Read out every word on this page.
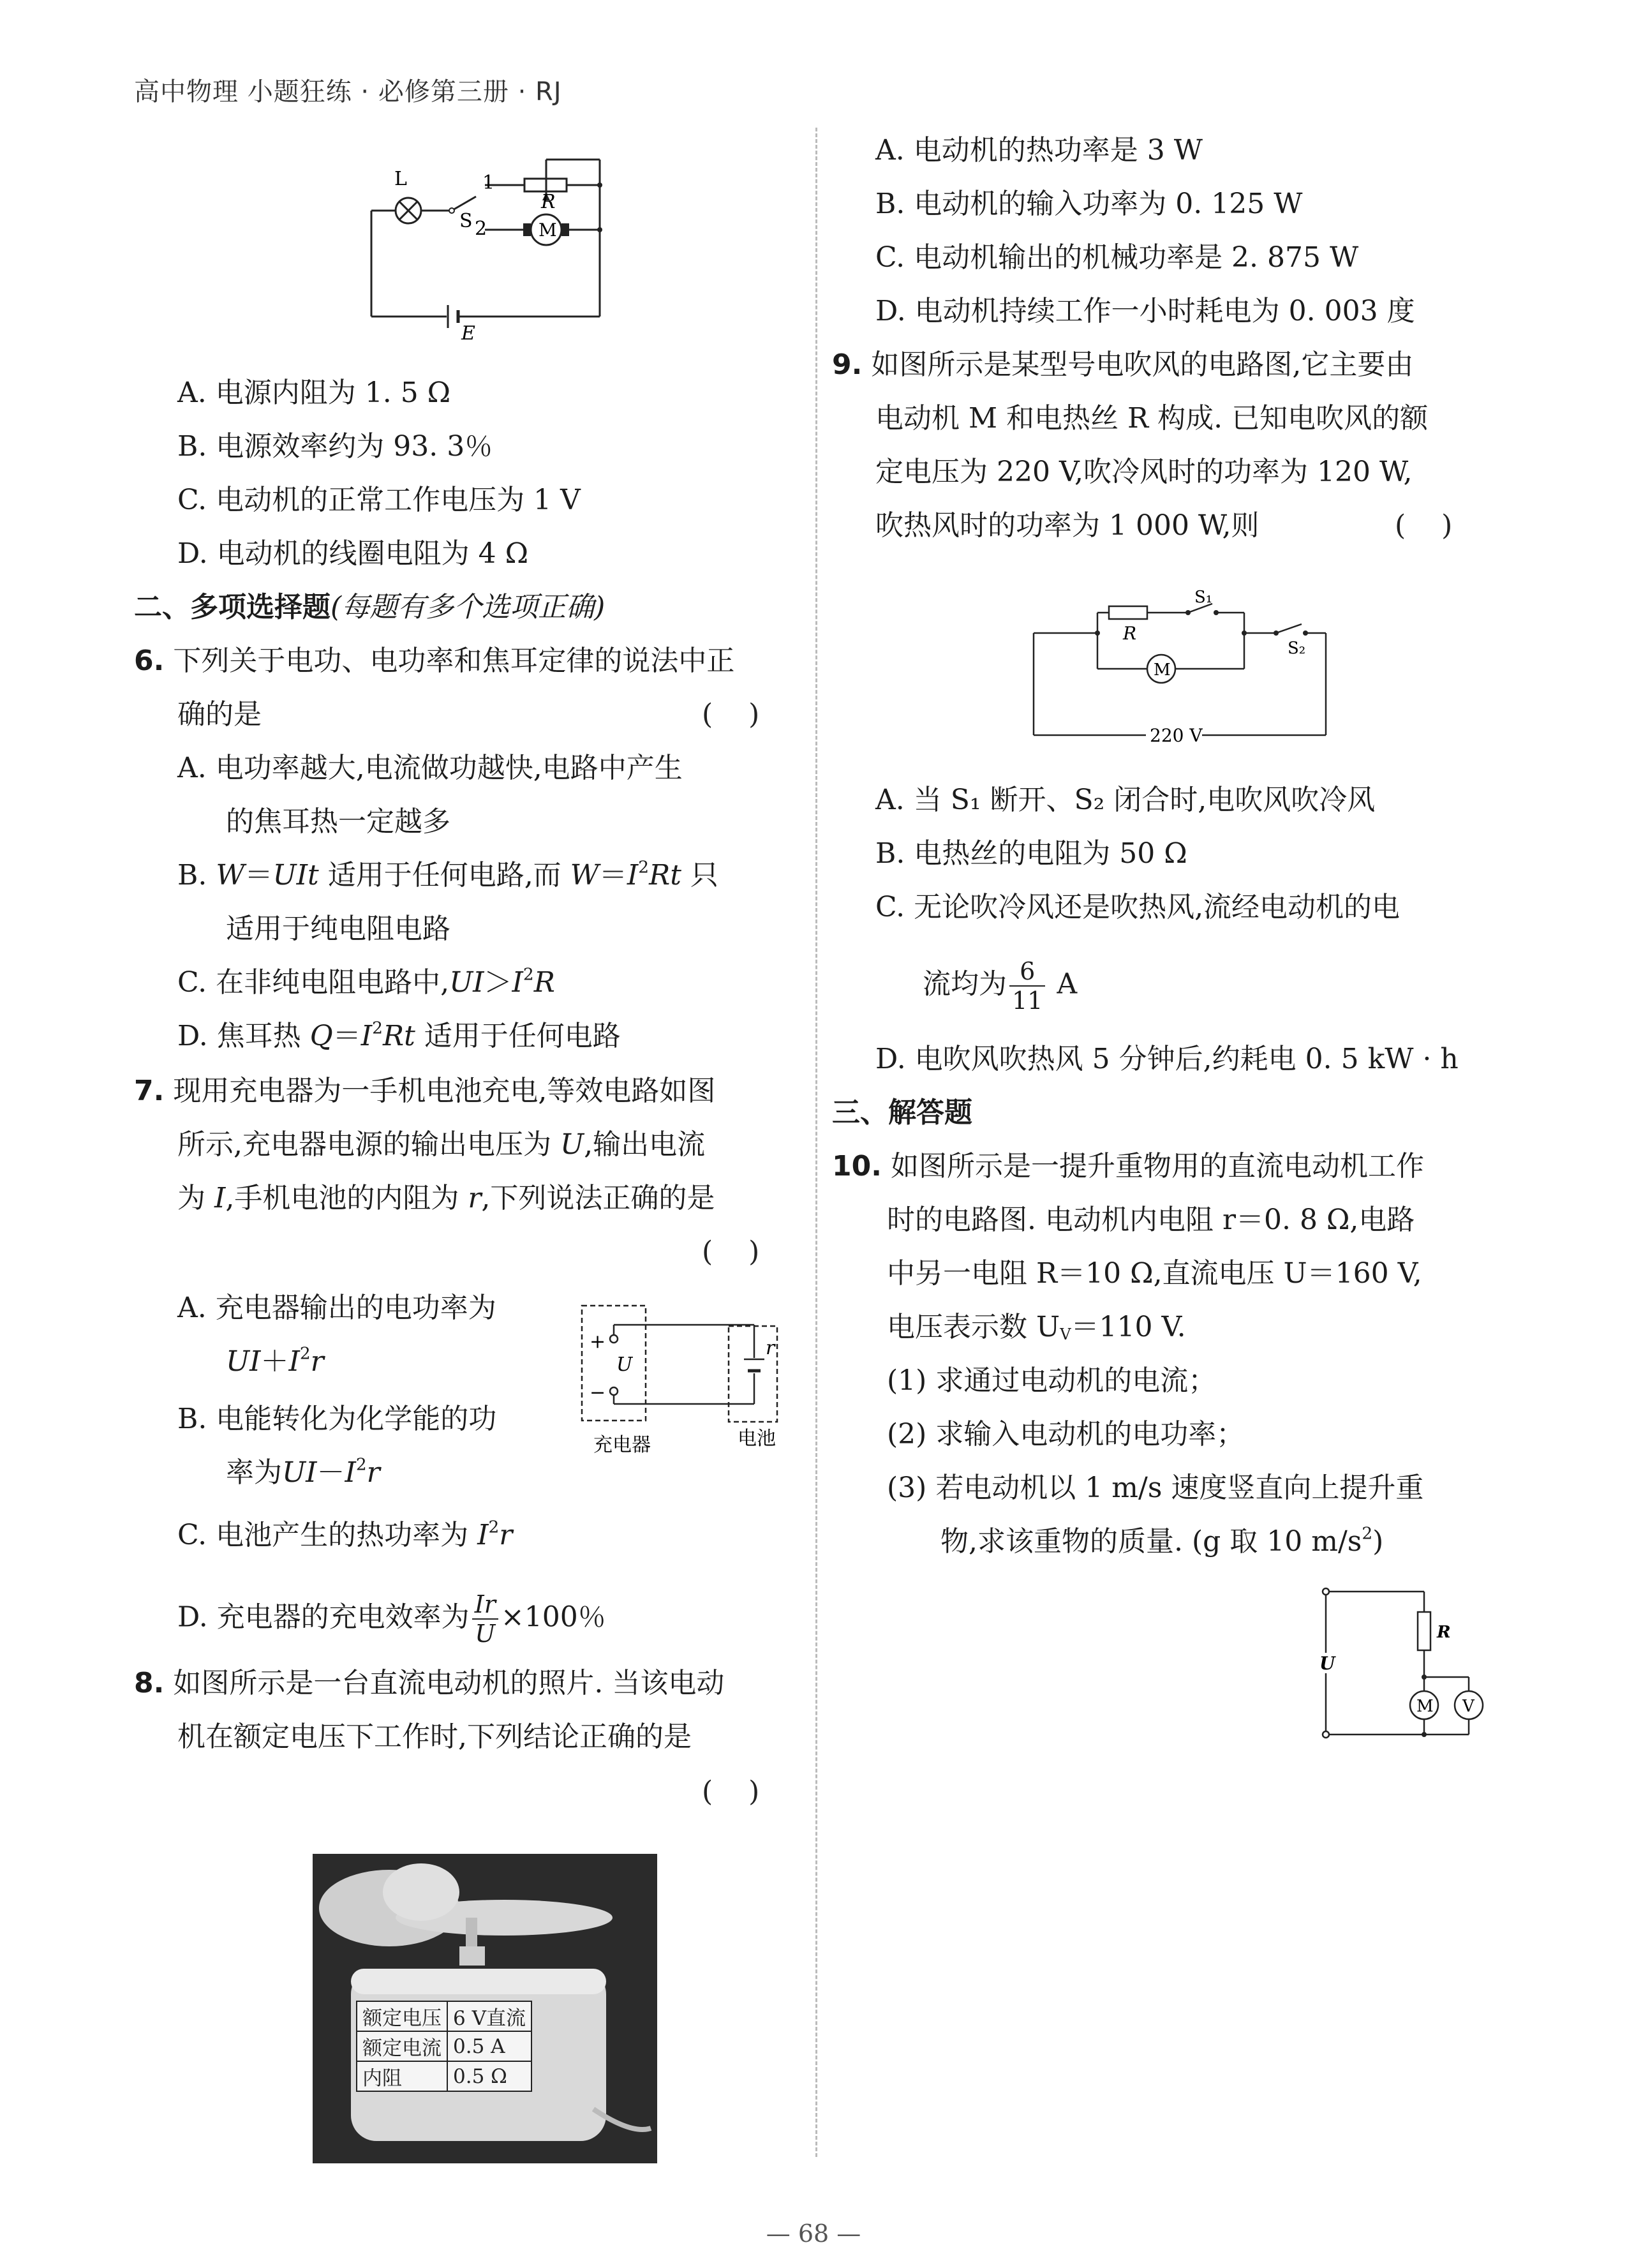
高中物理 小题狂练 · 必修第三册 · RJ
L
S
1
2
R
M
E
A. 电源内阻为 1. 5 Ω
B. 电源效率约为 93. 3％
C. 电动机的正常工作电压为 1 V
D. 电动机的线圈电阻为 4 Ω
二、多项选择题(每题有多个选项正确)
6. 下列关于电功、电功率和焦耳定律的说法中正
确的是	(    )
A. 电功率越大,电流做功越快,电路中产生
的焦耳热一定越多
B. W＝UIt 适用于任何电路,而 $W=I^2Rt$ 只
适用于纯电阻电路
C. 在非纯电阻电路中$,UI>I^2R$
D. 焦耳热 $Q=I^2Rt$ 适用于任何电路
7. 现用充电器为一手机电池充电,等效电路如图
所示,充电器电源的输出电压为 U,输出电流
为 I,手机电池的内阻为 r,下列说法正确的是
(    )
A. 充电器输出的电功率为
$UI+I^2r$
B. 电能转化为化学能的功
率为$UI-I^2r$
C. 电池产生的热功率为 $I^2r$
D. 充电器的充电效率为 $\frac{Ir}{U} \times 100$％
+
−
U
r
充电器	电池
8. 如图所示是一台直流电动机的照片. 当该电动
机在额定电压下工作时,下列结论正确的是
(    )
额定电压	6 V直流
额定电流	0.5 A
内阻	0.5 Ω
A. 电动机的热功率是 3 W
B. 电动机的输入功率为 0. 125 W
C. 电动机输出的机械功率是 2. 875 W
D. 电动机持续工作一小时耗电为 0. 003 度
9. 如图所示是某型号电吹风的电路图,它主要由
电动机 M 和电热丝 R 构成. 已知电吹风的额
定电压为 220 V,吹冷风时的功率为 120 W,
吹热风时的功率为 1 000 W,则	(    )
R
S₁
S₂
M
220 V
A. 当 S₁ 断开、S₂ 闭合时,电吹风吹冷风
B. 电热丝的电阻为 50 Ω
C. 无论吹冷风还是吹热风,流经电动机的电
流均为 $\frac{6}{11}$ A
D. 电吹风吹热风 5 分钟后,约耗电 0. 5 kW · h
三、解答题
10. 如图所示是一提升重物用的直流电动机工作
时的电路图. 电动机内电阻 r＝0. 8 Ω,电路
中另一电阻 R＝10 Ω,直流电压 U＝160 V,
电压表示数 $U_V=110$ V.
(1) 求通过电动机的电流；
(2) 求输入电动机的电功率；
(3) 若电动机以 1 m/s 速度竖直向上提升重
物,求该重物的质量. (g 取 10 $m/s^2$)
U
R
M V
— 68 —
